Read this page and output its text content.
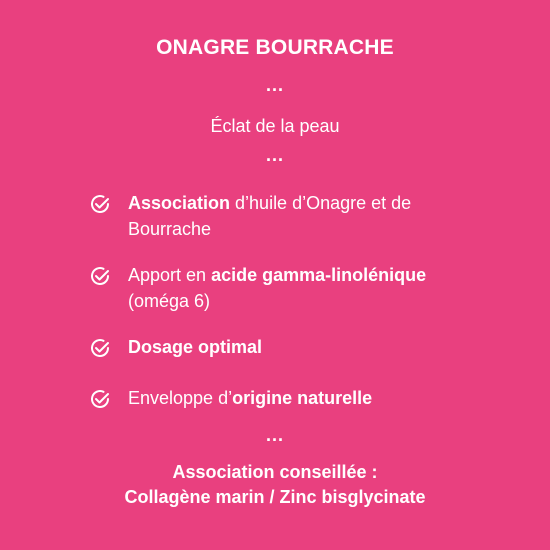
ONAGRE BOURRACHE
...
Éclat de la peau
...
Association d’huile d’Onagre et de Bourrache
Apport en acide gamma-linolénique (oméga 6)
Dosage optimal
Enveloppe d’origine naturelle
...
Association conseillée :
Collagène marin / Zinc bisglycinate
